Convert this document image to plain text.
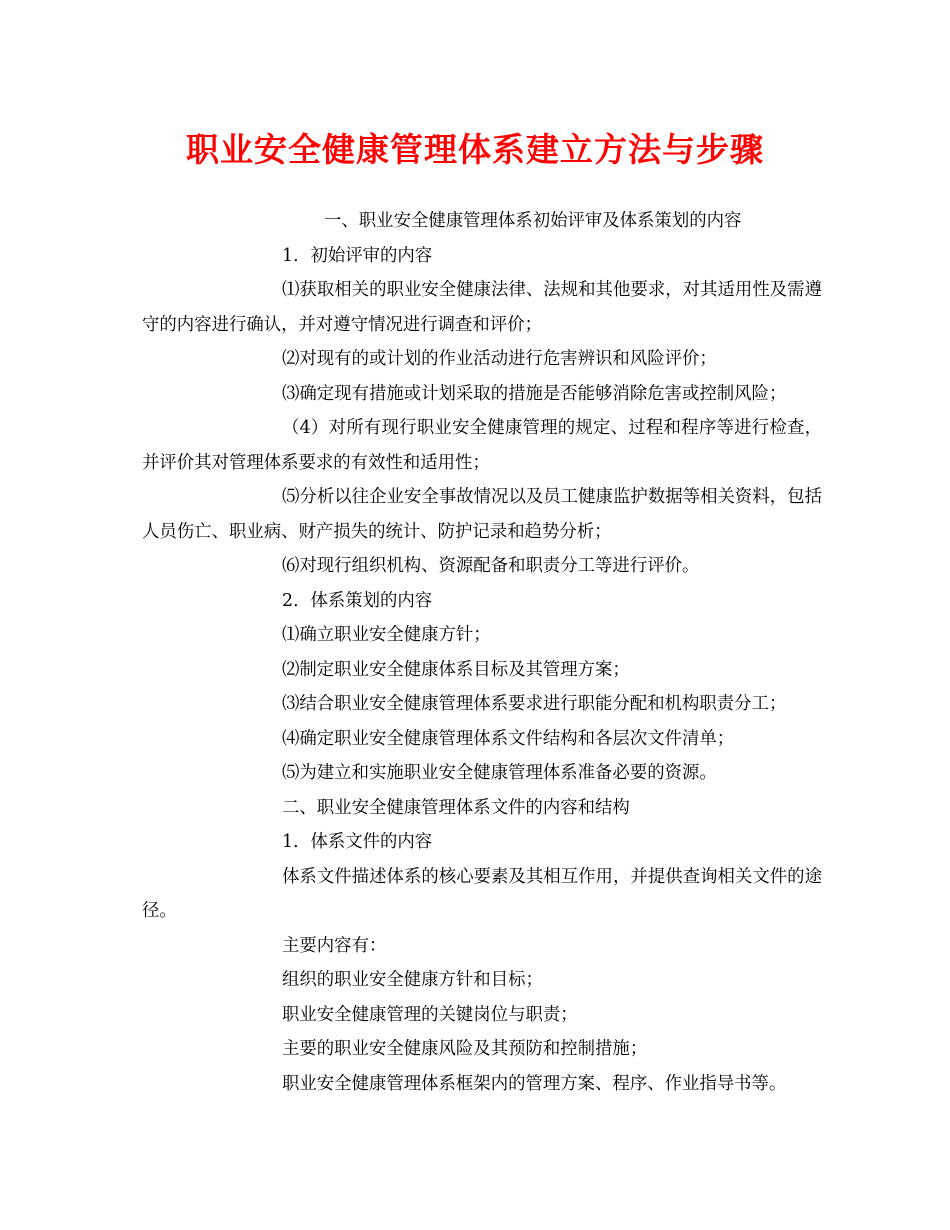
职业安全健康管理体系建立方法与步骤

一、职业安全健康管理体系初始评审及体系策划的内容

1．初始评审的内容

⑴获取相关的职业安全健康法律、法规和其他要求，对其适用性及需遵守的内容进行确认，并对遵守情况进行调查和评价；

⑵对现有的或计划的作业活动进行危害辨识和风险评价；

⑶确定现有措施或计划采取的措施是否能够消除危害或控制风险；

（4）对所有现行职业安全健康管理的规定、过程和程序等进行检查，并评价其对管理体系要求的有效性和适用性；

⑸分析以往企业安全事故情况以及员工健康监护数据等相关资料，包括人员伤亡、职业病、财产损失的统计、防护记录和趋势分析；

⑹对现行组织机构、资源配备和职责分工等进行评价。

2．体系策划的内容

⑴确立职业安全健康方针；

⑵制定职业安全健康体系目标及其管理方案；

⑶结合职业安全健康管理体系要求进行职能分配和机构职责分工；

⑷确定职业安全健康管理体系文件结构和各层次文件清单；

⑸为建立和实施职业安全健康管理体系准备必要的资源。

二、职业安全健康管理体系文件的内容和结构

1．体系文件的内容

体系文件描述体系的核心要素及其相互作用，并提供查询相关文件的途径。

主要内容有：

组织的职业安全健康方针和目标；

职业安全健康管理的关键岗位与职责；

主要的职业安全健康风险及其预防和控制措施；

职业安全健康管理体系框架内的管理方案、程序、作业指导书等。
